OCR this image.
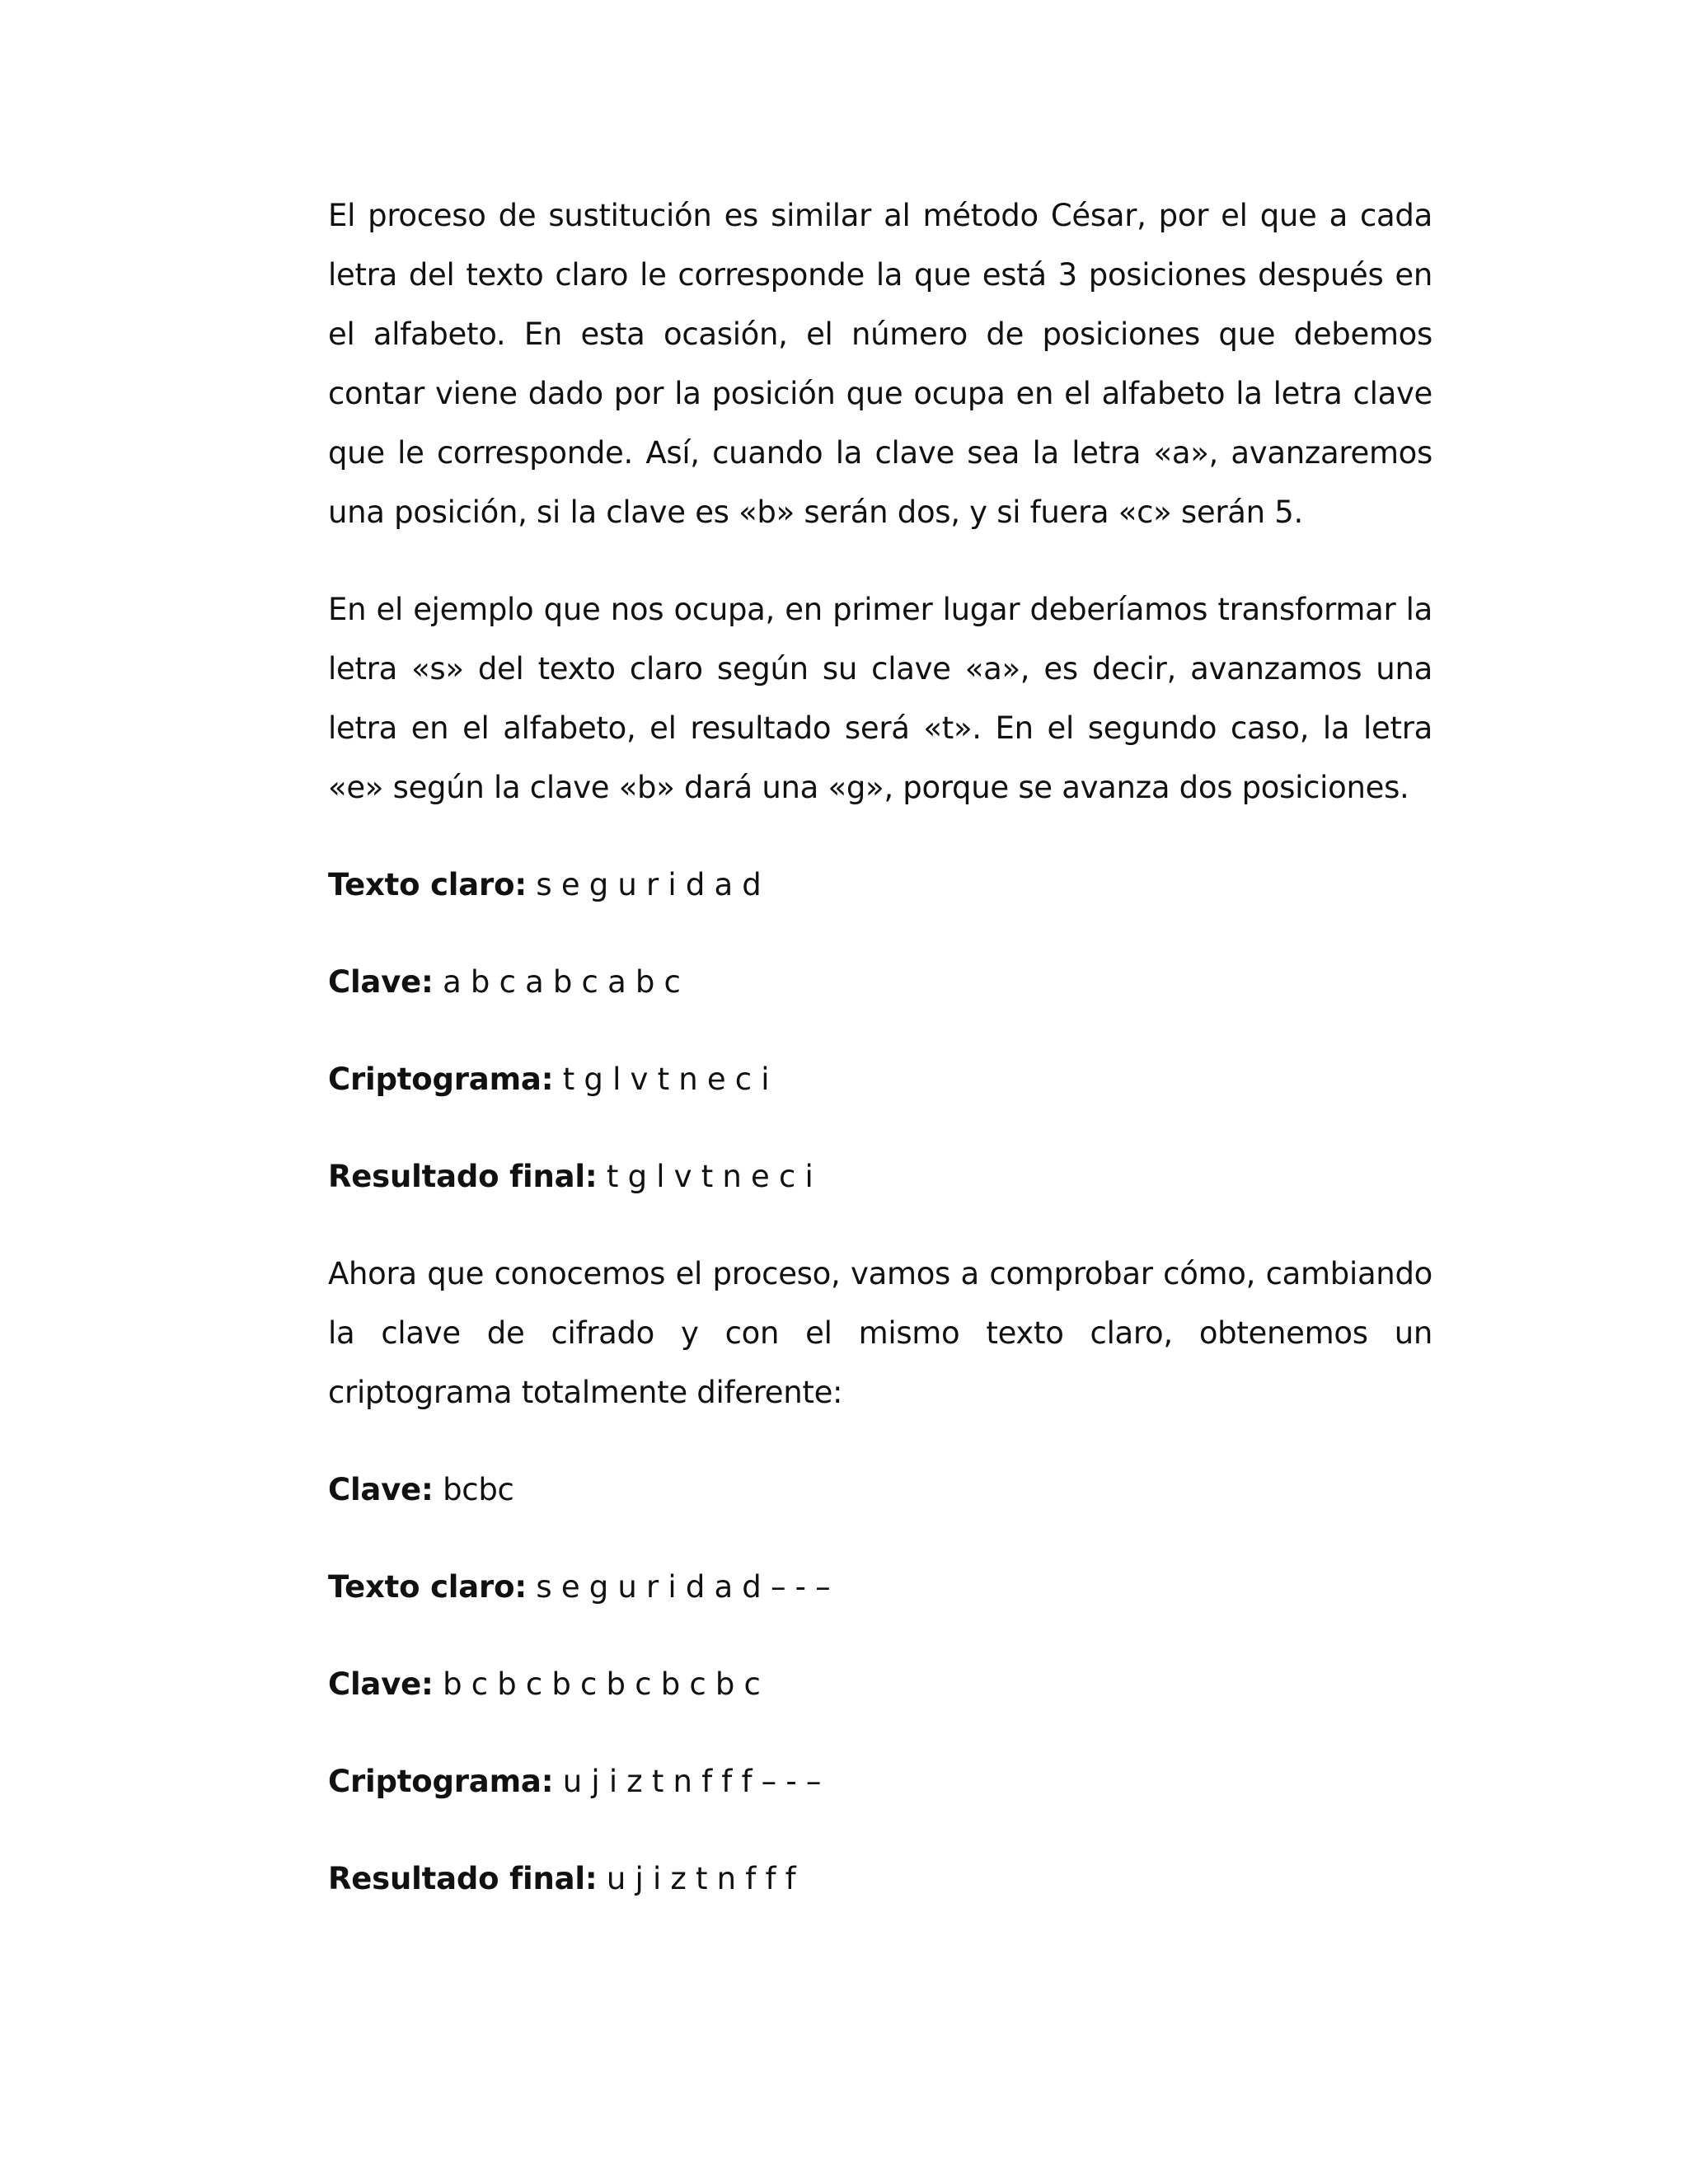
El proceso de sustitución es similar al método César, por el que a cada letra del texto claro le corresponde la que está 3 posiciones después en el alfabeto. En esta ocasión, el número de posiciones que debemos contar viene dado por la posición que ocupa en el alfabeto la letra clave que le corresponde. Así, cuando la clave sea la letra «a», avanzaremos una posición, si la clave es «b» serán dos, y si fuera «c» serán 5.

En el ejemplo que nos ocupa, en primer lugar deberíamos transformar la letra «s» del texto claro según su clave «a», es decir, avanzamos una letra en el alfabeto, el resultado será «t». En el segundo caso, la letra «e» según la clave «b» dará una «g», porque se avanza dos posiciones.

Texto claro: s e g u r i d a d
Clave: a b c a b c a b c
Criptograma: t g l v t n e c i
Resultado final: t g l v t n e c i

Ahora que conocemos el proceso, vamos a comprobar cómo, cambiando la clave de cifrado y con el mismo texto claro, obtenemos un criptograma totalmente diferente:

Clave: bcbc
Texto claro: s e g u r i d a d – - –
Clave: b c b c b c b c b c b c
Criptograma: u j i z t n f f f – - –
Resultado final: u j i z t n f f f
